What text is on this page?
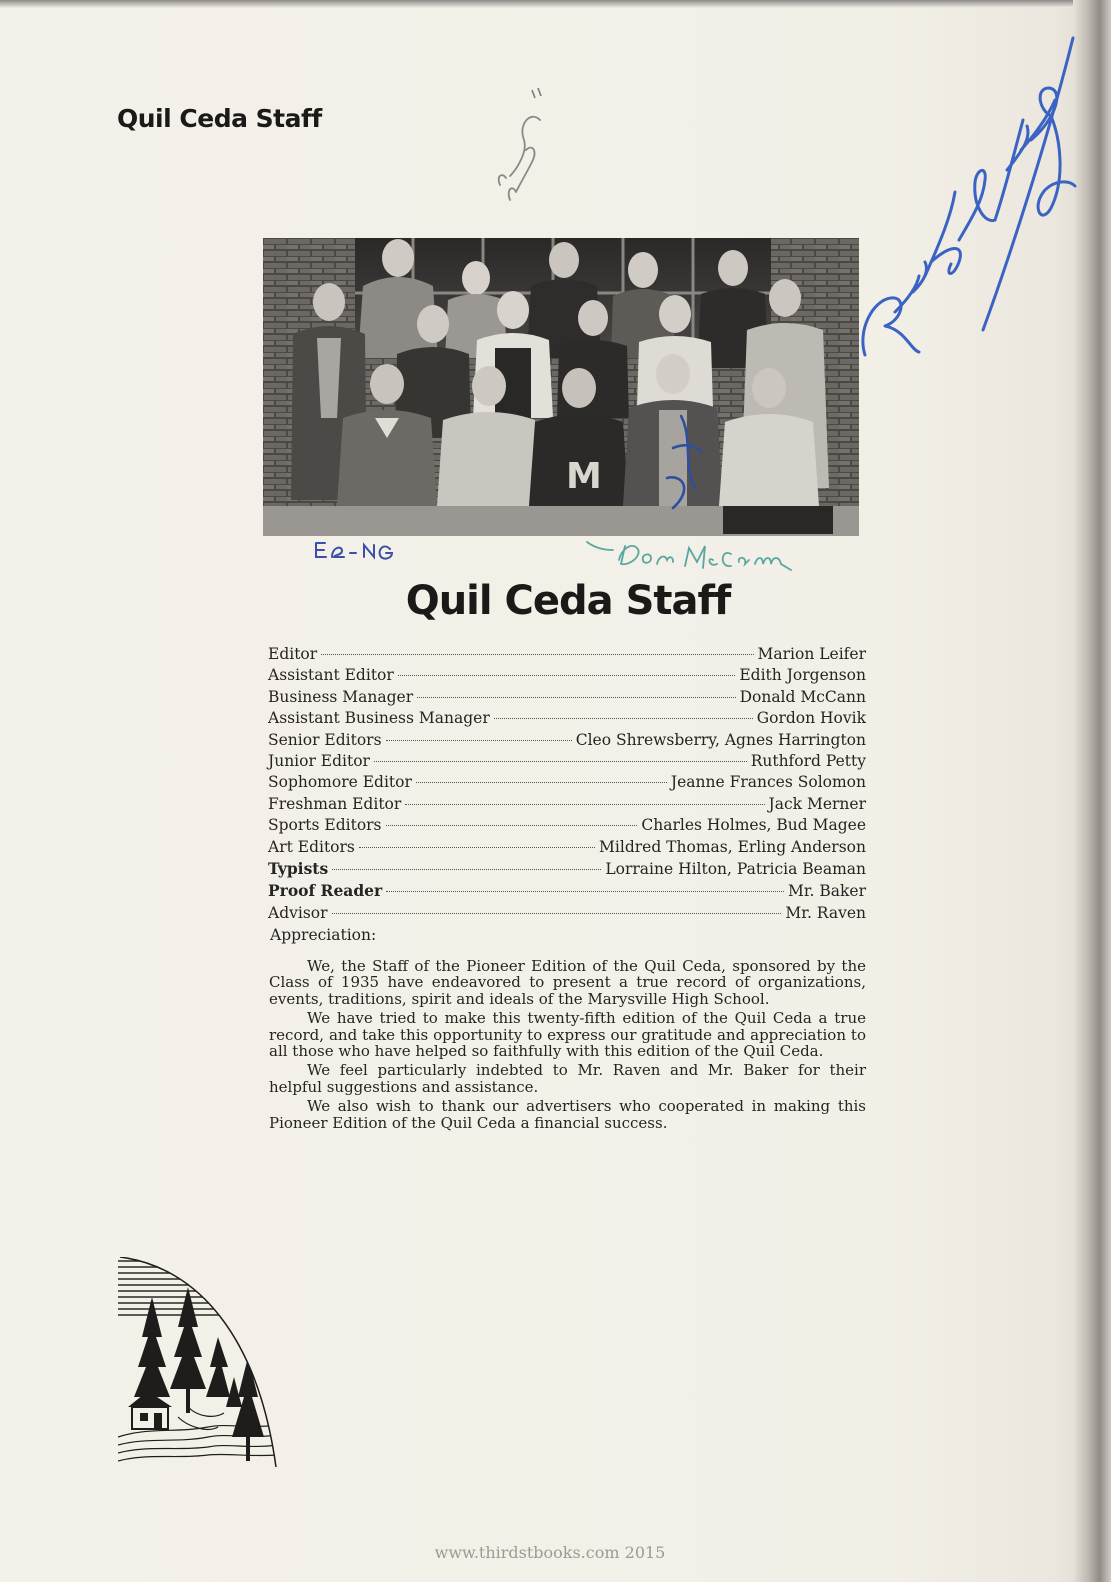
Quil Ceda Staff
M
Quil Ceda Staff
Editor	Marion Leifer
Assistant Editor	Edith Jorgenson
Business Manager	Donald McCann
Assistant Business Manager	Gordon Hovik
Senior Editors	Cleo Shrewsberry, Agnes Harrington
Junior Editor	Ruthford Petty
Sophomore Editor	Jeanne Frances Solomon
Freshman Editor	Jack Merner
Sports Editors	Charles Holmes, Bud Magee
Art Editors	Mildred Thomas, Erling Anderson
Typists	Lorraine Hilton, Patricia Beaman
Proof Reader	Mr. Baker
Advisor	Mr. Raven
Appreciation:

We, the Staff of the Pioneer Edition of the Quil Ceda, sponsored by the Class of 1935 have endeavored to present a true record of organizations, events, traditions, spirit and ideals of the Marysville High School.

We have tried to make this twenty-fifth edition of the Quil Ceda a true record, and take this opportunity to express our gratitude and appreciation to all those who have helped so faithfully with this edition of the Quil Ceda.

We feel particularly indebted to Mr. Raven and Mr. Baker for their helpful suggestions and assistance.

We also wish to thank our advertisers who cooperated in making this Pioneer Edition of the Quil Ceda a financial success.

www.thirdstbooks.com 2015
